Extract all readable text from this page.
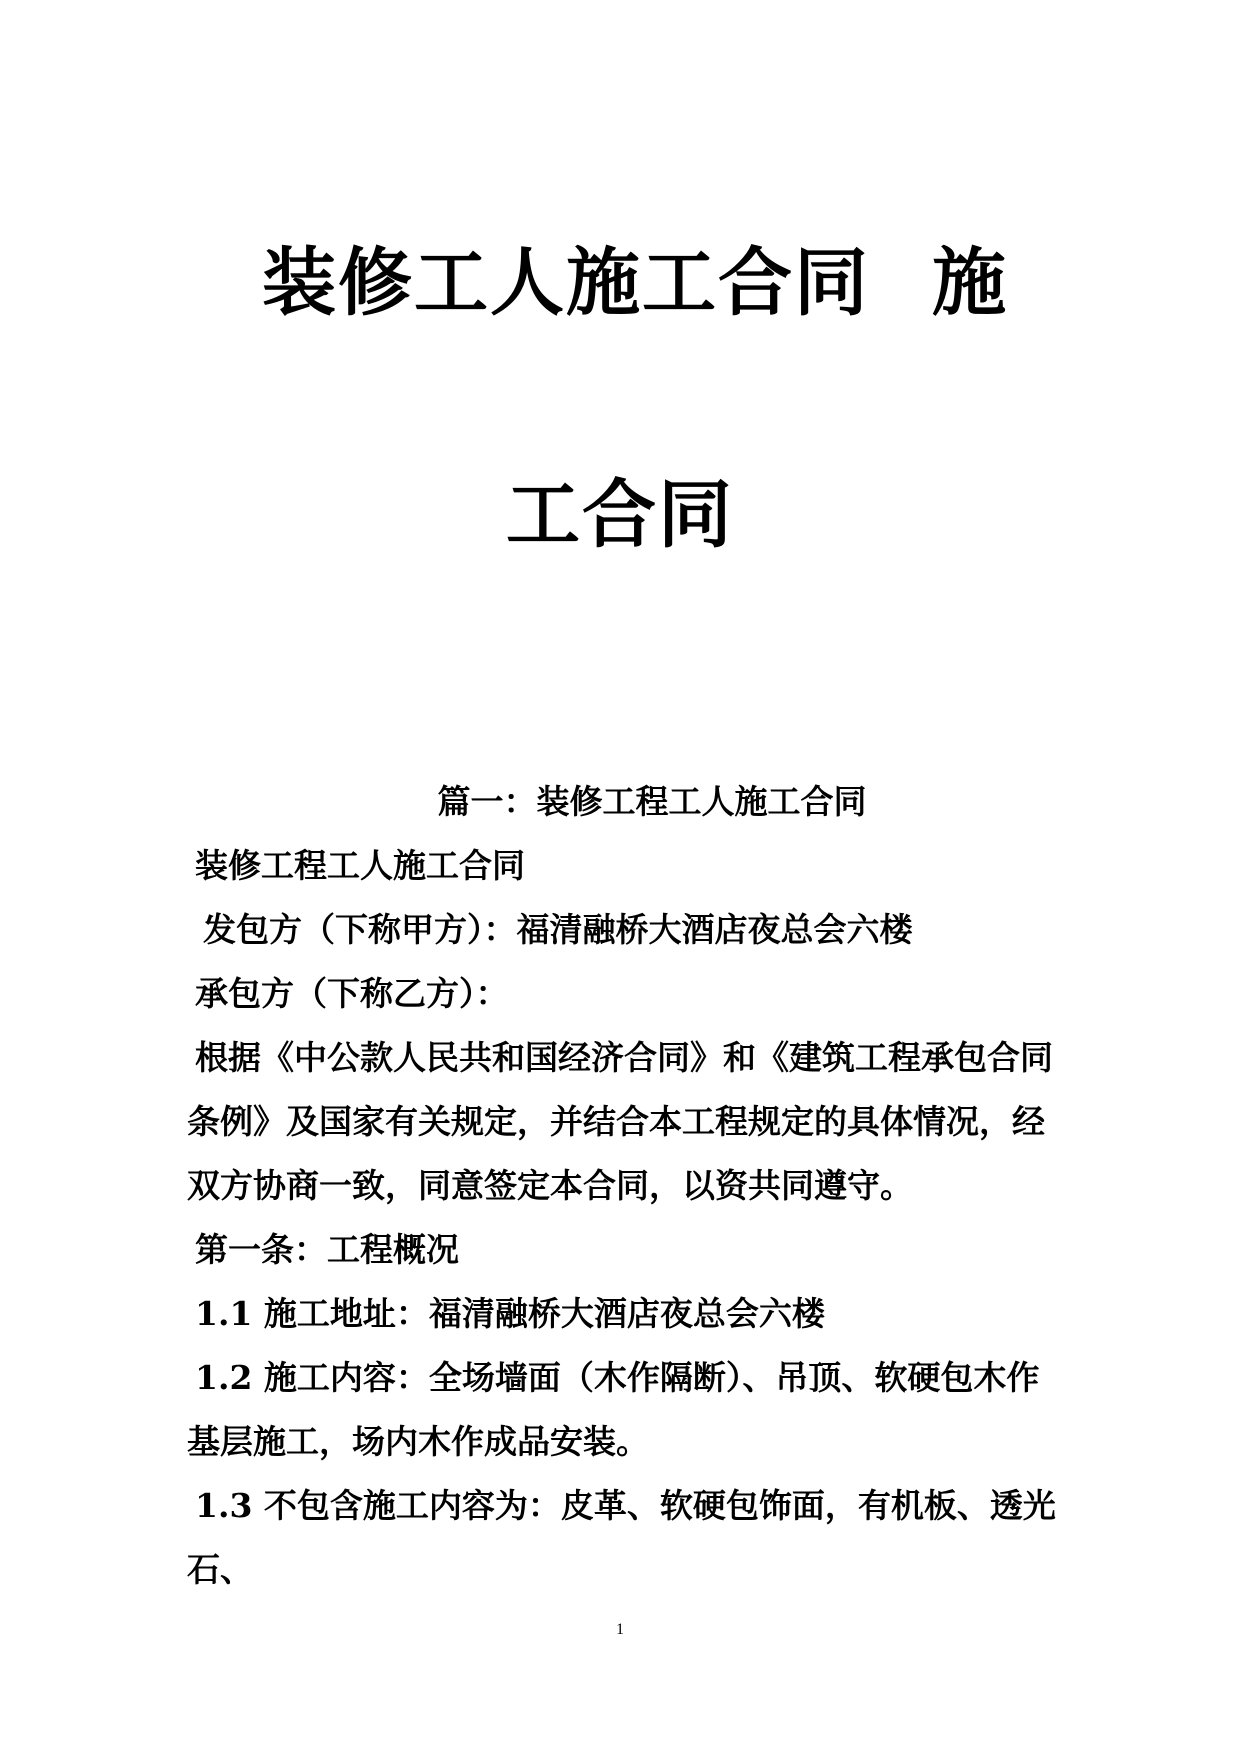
装修工人施工合同 施
工合同

篇一：装修工程工人施工合同

装修工程工人施工合同

发包方（下称甲方）：福清融桥大酒店夜总会六楼

承包方（下称乙方）：

根据《中公款人民共和国经济合同》和《建筑工程承包合同条例》及国家有关规定，并结合本工程规定的具体情况，经双方协商一致，同意签定本合同，以资共同遵守。

第一条：工程概况

1.1 施工地址：福清融桥大酒店夜总会六楼

1.2 施工内容：全场墙面（木作隔断）、吊顶、软硬包木作基层施工，场内木作成品安装。

1.3 不包含施工内容为：皮革、软硬包饰面，有机板、透光石、

1
